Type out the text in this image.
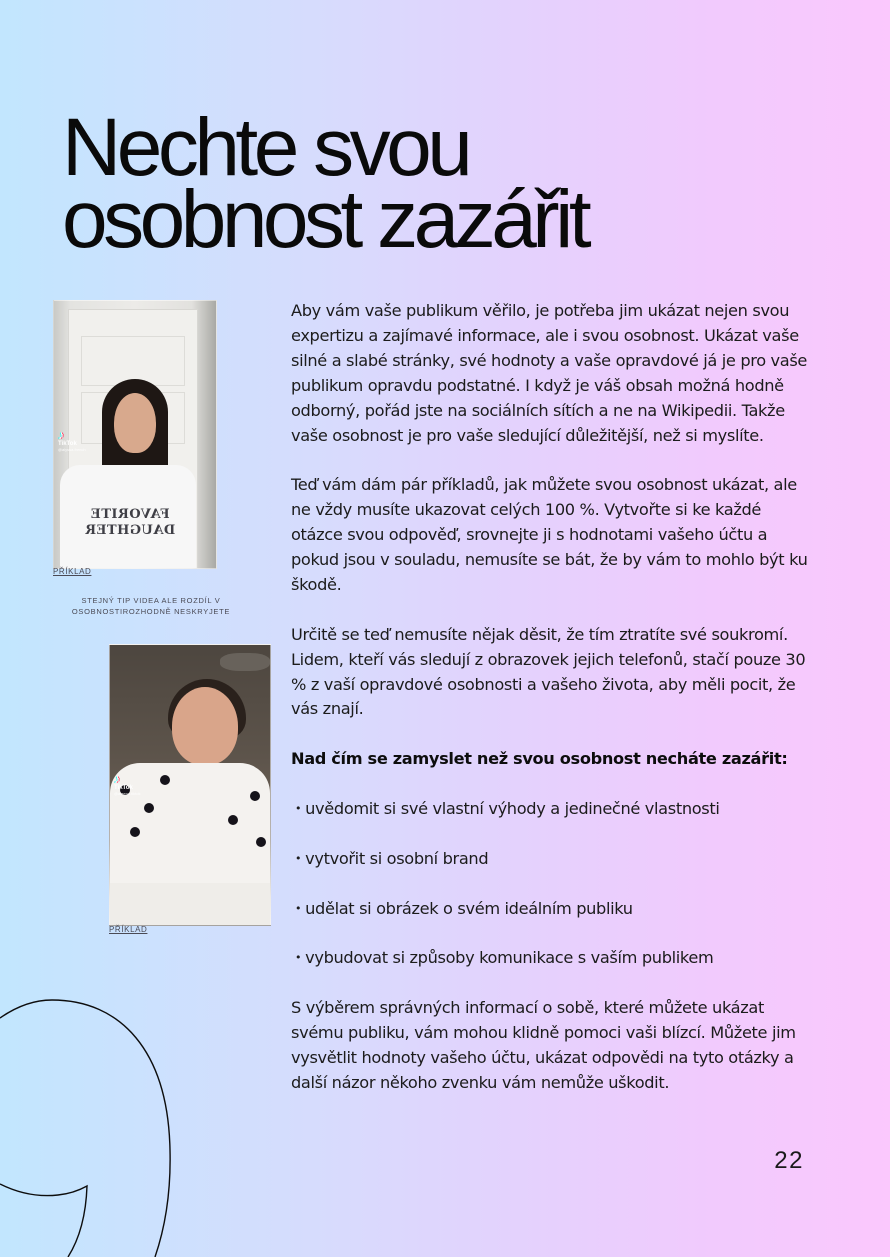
Nechte svou
osobnost zazářit
FAVORITE
DAUGHTER
♪
TikTok
@alyssa.french
PŘÍKLAD

STEJNÝ TIP VIDEA ALE ROZDÍL V
OSOBNOSTIROZHODNĚ NESKRYJETE

♪
TikTok
@aleena.tiktok
PŘÍKLAD

Aby vám vaše publikum věřilo, je potřeba jim ukázat nejen svou expertizu a zajímavé informace, ale i svou osobnost. Ukázat vaše silné a slabé stránky, své hodnoty a vaše opravdové já je pro vaše publikum opravdu podstatné. I když je váš obsah možná hodně odborný, pořád jste na sociálních sítích a ne na Wikipedii. Takže vaše osobnost je pro vaše sledující důležitější, než si myslíte.

Teď vám dám pár příkladů, jak můžete svou osobnost ukázat, ale ne vždy musíte ukazovat celých 100 %. Vytvořte si ke každé otázce svou odpověď, srovnejte ji s hodnotami vašeho účtu a pokud jsou v souladu, nemusíte se bát, že by vám to mohlo být ku škodě.

Určitě se teď nemusíte nějak děsit, že tím ztratíte své soukromí. Lidem, kteří vás sledují z obrazovek jejich telefonů, stačí pouze 30 % z vaší opravdové osobnosti a vašeho života, aby měli pocit, že vás znají.

Nad čím se zamyslet než svou osobnost necháte zazářit:

• uvědomit si své vlastní výhody a jedinečné vlastnosti
• vytvořit si osobní brand
• udělat si obrázek o svém ideálním publiku
• vybudovat si způsoby komunikace s vaším publikem

S výběrem správných informací o sobě, které můžete ukázat svému publiku, vám mohou klidně pomoci vaši blízcí. Můžete jim vysvětlit hodnoty vašeho účtu, ukázat odpovědi na tyto otázky a další názor někoho zvenku vám nemůže uškodit.

22
